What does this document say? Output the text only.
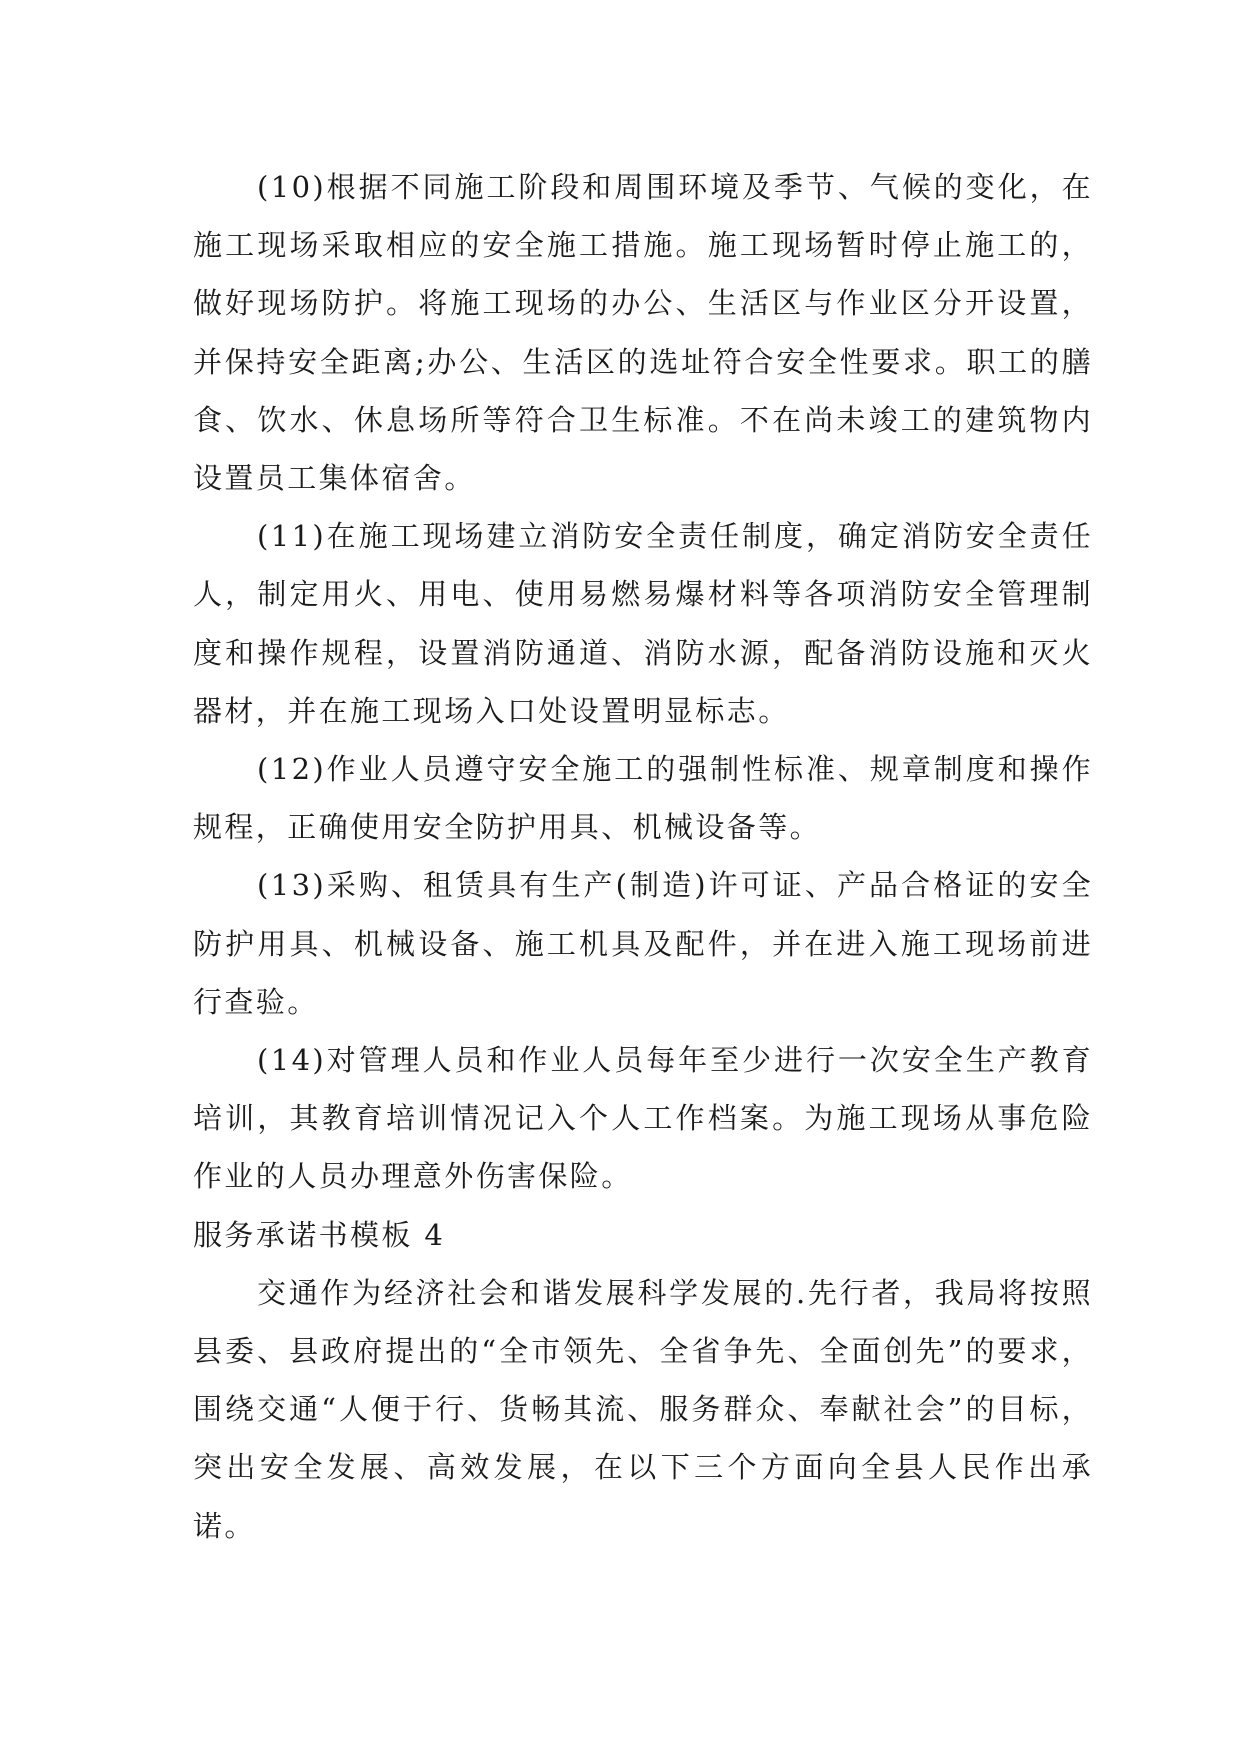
(10)根据不同施工阶段和周围环境及季节、气候的变化，在施工现场采取相应的安全施工措施。施工现场暂时停止施工的，做好现场防护。将施工现场的办公、生活区与作业区分开设置，并保持安全距离;办公、生活区的选址符合安全性要求。职工的膳食、饮水、休息场所等符合卫生标准。不在尚未竣工的建筑物内设置员工集体宿舍。

(11)在施工现场建立消防安全责任制度，确定消防安全责任人，制定用火、用电、使用易燃易爆材料等各项消防安全管理制度和操作规程，设置消防通道、消防水源，配备消防设施和灭火器材，并在施工现场入口处设置明显标志。

(12)作业人员遵守安全施工的强制性标准、规章制度和操作规程，正确使用安全防护用具、机械设备等。

(13)采购、租赁具有生产(制造)许可证、产品合格证的安全防护用具、机械设备、施工机具及配件，并在进入施工现场前进行查验。

(14)对管理人员和作业人员每年至少进行一次安全生产教育培训，其教育培训情况记入个人工作档案。为施工现场从事危险作业的人员办理意外伤害保险。

服务承诺书模板 4

交通作为经济社会和谐发展科学发展的.先行者，我局将按照县委、县政府提出的“全市领先、全省争先、全面创先”的要求，围绕交通“人便于行、货畅其流、服务群众、奉献社会”的目标，突出安全发展、高效发展，在以下三个方面向全县人民作出承诺。
